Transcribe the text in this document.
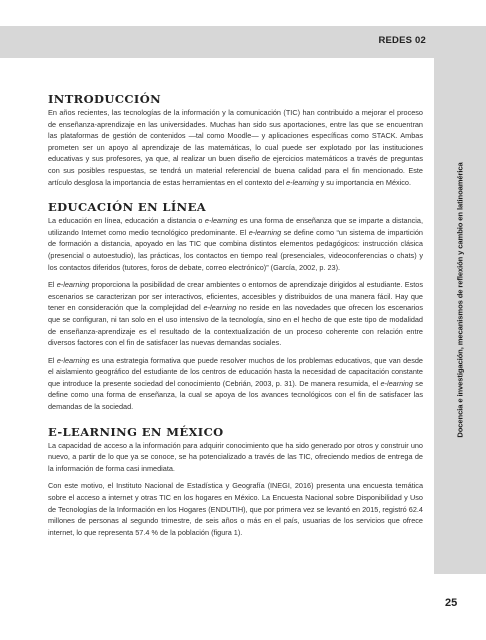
REDES 02
Docencia e investigación, mecanismos de reflexión y cambio en latinoamérica
INTRODUCCIÓN

En años recientes, las tecnologías de la información y la comunicación (TIC) han contribuido a mejorar el proceso de enseñanza-aprendizaje en las universidades. Muchas han sido sus aportaciones, entre las que se encuentran las plataformas de gestión de contenidos —tal como Moodle— y aplicaciones específicas como STACK. Ambas prometen ser un apoyo al aprendizaje de las matemáticas, lo cual puede ser explotado por las instituciones educativas y sus profesores, ya que, al realizar un buen diseño de ejercicios matemáticos a través de preguntas con sus posibles respuestas, se tendrá un material referencial de buena calidad para el fin mencionado. Este artículo desglosa la importancia de estas herramientas en el contexto del e-learning y su importancia en México.

EDUCACIÓN EN LÍNEA

La educación en línea, educación a distancia o e-learning es una forma de enseñanza que se imparte a distancia, utilizando Internet como medio tecnológico predominante. El e-learning se define como “un sistema de impartición de formación a distancia, apoyado en las TIC que combina distintos elementos pedagógicos: instrucción clásica (presencial o autoestudio), las prácticas, los contactos en tiempo real (presenciales, videoconferencias o chats) y los contactos diferidos (tutores, foros de debate, correo electrónico)” (García, 2002, p. 23).

El e-learning proporciona la posibilidad de crear ambientes o entornos de aprendizaje dirigidos al estudiante. Estos escenarios se caracterizan por ser interactivos, eficientes, accesibles y distribuidos de una manera fácil. Hay que tener en consideración que la complejidad del e-learning no reside en las novedades que ofrecen los escenarios que se configuran, ni tan solo en el uso intensivo de la tecnología, sino en el hecho de que este tipo de modalidad de enseñanza-aprendizaje es el resultado de la contextualización de un proceso coherente con relación entre diversos factores con el fin de satisfacer las nuevas demandas sociales.

El e-learning es una estrategia formativa que puede resolver muchos de los problemas educativos, que van desde el aislamiento geográfico del estudiante de los centros de educación hasta la necesidad de capacitación constante que introduce la presente sociedad del conocimiento (Cebrián, 2003, p. 31). De manera resumida, el e-learning se define como una forma de enseñanza, la cual se apoya de los avances tecnológicos con el fin de satisfacer las demandas de la sociedad.

E-LEARNING EN MÉXICO

La capacidad de acceso a la información para adquirir conocimiento que ha sido generado por otros y construir uno nuevo, a partir de lo que ya se conoce, se ha potencializado a través de las TIC, ofreciendo medios de entrega de la información de forma casi inmediata.

Con este motivo, el Instituto Nacional de Estadística y Geografía (INEGI, 2016) presenta una encuesta temática sobre el acceso a internet y otras TIC en los hogares en México. La Encuesta Nacional sobre Disponibilidad y Uso de Tecnologías de la Información en los Hogares (ENDUTIH), que por primera vez se levantó en 2015, registró 62.4 millones de personas al segundo trimestre, de seis años o más en el país, usuarias de los servicios que ofrece internet, lo que representa 57.4 % de la población (figura 1).

25
